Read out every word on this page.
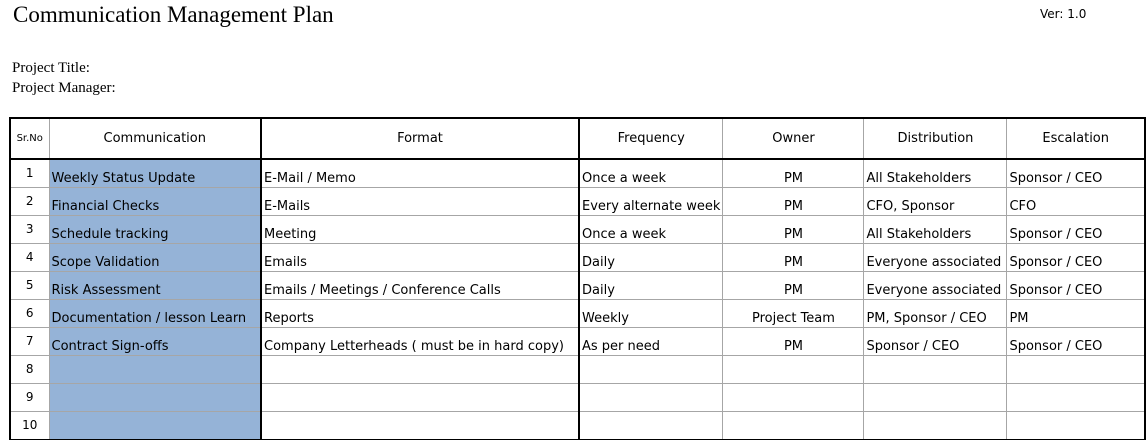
Communication Management Plan	Ver: 1.0
Project Title:
Project Manager:
Sr.No	Communication	Format	Frequency	Owner	Distribution	Escalation
1	Weekly Status Update	E-Mail / Memo	Once a week	PM	All Stakeholders	Sponsor / CEO
2	Financial Checks	E-Mails	Every alternate week	PM	CFO, Sponsor	CFO
3	Schedule tracking	Meeting	Once a week	PM	All Stakeholders	Sponsor / CEO
4	Scope Validation	Emails	Daily	PM	Everyone associated	Sponsor / CEO
5	Risk Assessment	Emails / Meetings / Conference Calls	Daily	PM	Everyone associated	Sponsor / CEO
6	Documentation / lesson Learn	Reports	Weekly	Project Team	PM, Sponsor / CEO	PM
7	Contract Sign-offs	Company Letterheads ( must be in hard copy)	As per need	PM	Sponsor / CEO	Sponsor / CEO
8						
9						
10						
